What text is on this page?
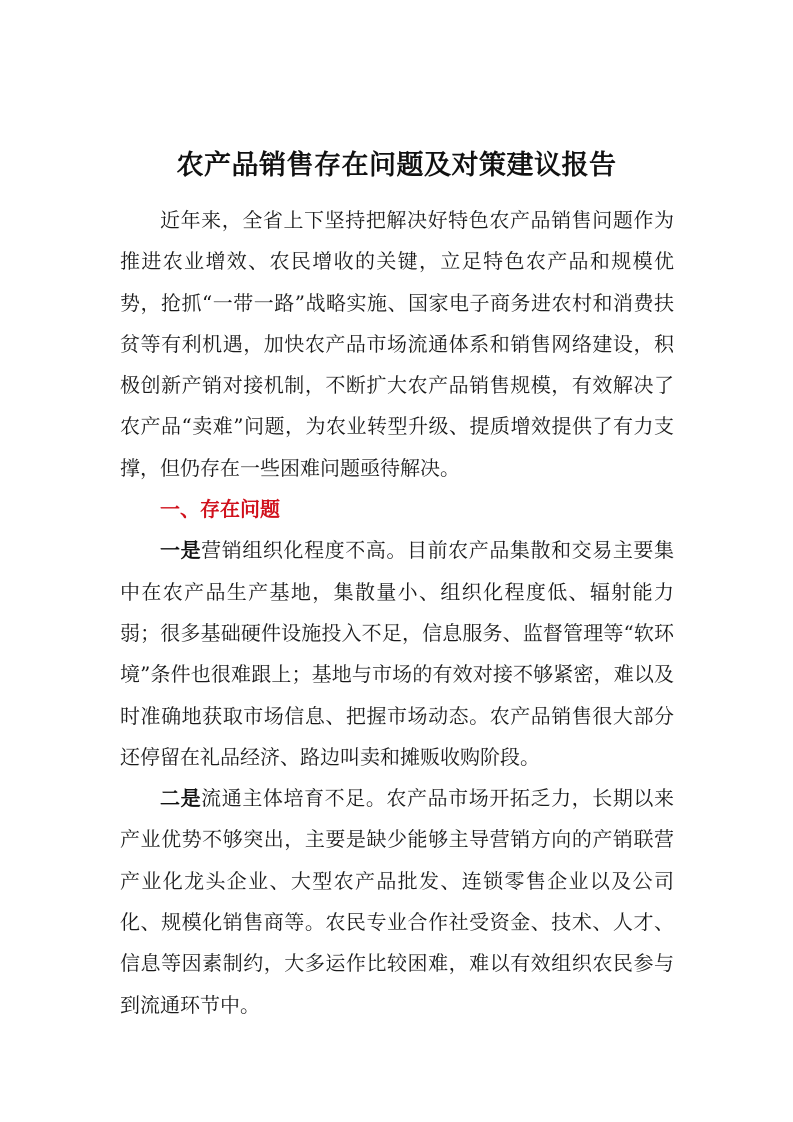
农产品销售存在问题及对策建议报告

近年来，全省上下坚持把解决好特色农产品销售问题作为推进农业增效、农民增收的关键，立足特色农产品和规模优势，抢抓“一带一路”战略实施、国家电子商务进农村和消费扶贫等有利机遇，加快农产品市场流通体系和销售网络建设，积极创新产销对接机制，不断扩大农产品销售规模，有效解决了农产品“卖难”问题，为农业转型升级、提质增效提供了有力支撑，但仍存在一些困难问题亟待解决。

一、存在问题

一是营销组织化程度不高。目前农产品集散和交易主要集中在农产品生产基地，集散量小、组织化程度低、辐射能力弱；很多基础硬件设施投入不足，信息服务、监督管理等“软环境”条件也很难跟上；基地与市场的有效对接不够紧密，难以及时准确地获取市场信息、把握市场动态。农产品销售很大部分还停留在礼品经济、路边叫卖和摊贩收购阶段。

二是流通主体培育不足。农产品市场开拓乏力，长期以来产业优势不够突出，主要是缺少能够主导营销方向的产销联营产业化龙头企业、大型农产品批发、连锁零售企业以及公司化、规模化销售商等。农民专业合作社受资金、技术、人才、信息等因素制约，大多运作比较困难，难以有效组织农民参与到流通环节中。
